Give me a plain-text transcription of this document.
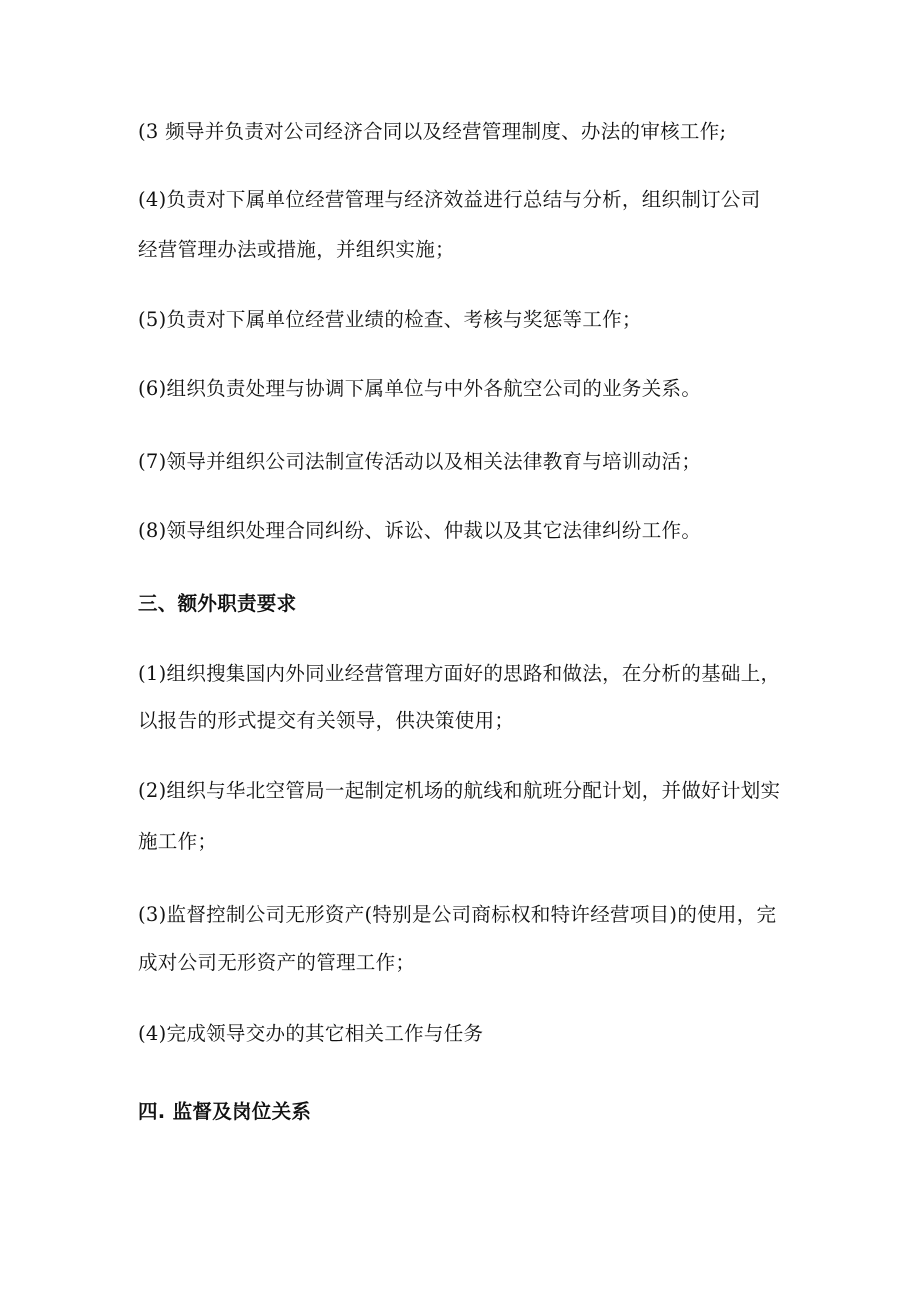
(3 频导并负责对公司经济合同以及经营管理制度、办法的审核工作;
(4)负责对下属单位经营管理与经济效益进行总结与分析，组织制订公司
经营管理办法或措施，并组织实施；
(5)负责对下属单位经营业绩的检查、考核与奖惩等工作；
(6)组织负责处理与协调下属单位与中外各航空公司的业务关系。
(7)领导并组织公司法制宣传活动以及相关法律教育与培训动活；
(8)领导组织处理合同纠纷、诉讼、仲裁以及其它法律纠纷工作。
三、额外职责要求
(1)组织搜集国内外同业经营管理方面好的思路和做法，在分析的基础上，
以报告的形式提交有关领导，供决策使用；
(2)组织与华北空管局一起制定机场的航线和航班分配计划，并做好计划实
施工作；
(3)监督控制公司无形资产(特别是公司商标权和特许经营项目)的使用，完
成对公司无形资产的管理工作；
(4)完成领导交办的其它相关工作与任务
四. 监督及岗位关系
